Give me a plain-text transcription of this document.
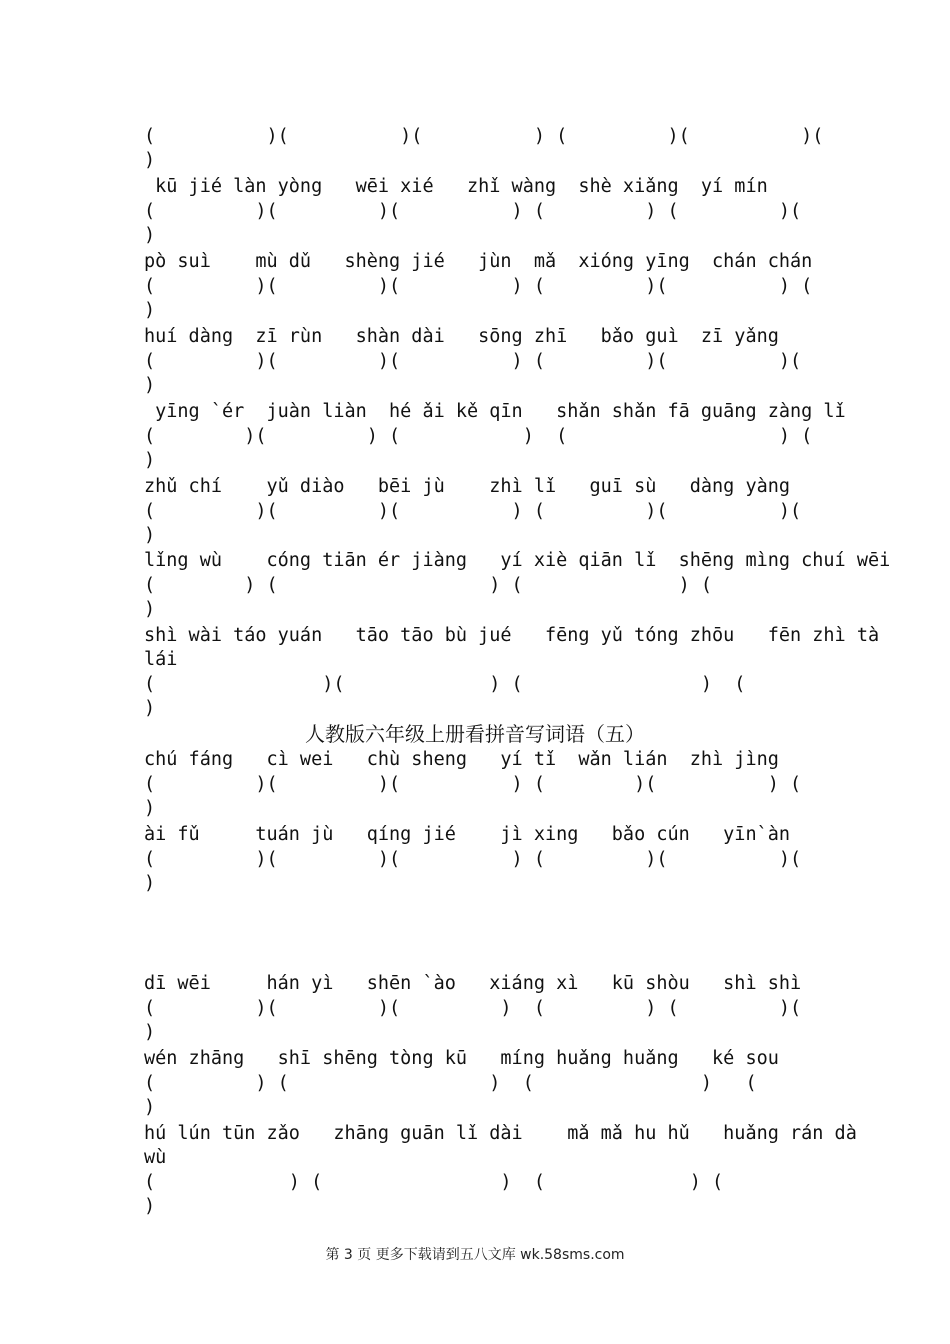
(          )(          )(          ) (         )(          )(
)
kū jié làn yòng   wēi xié   zhǐ wàng  shè xiǎng  yí mín
(         )(         )(          ) (         ) (         )(
)
pò suì    mù dǔ   shèng jié   jùn  mǎ  xióng yīng  chán chán
(         )(         )(          ) (         )(          ) (
)
huí dàng  zī rùn   shàn dài   sōng zhī   bǎo guì  zī yǎng
(         )(         )(          ) (         )(          )(
)
yīng `ér  juàn liàn  hé ǎi kě qīn   shǎn shǎn fā guāng zàng lǐ
(        )(         ) (           )  (                   ) (
)
zhǔ chí    yǔ diào   bēi jù    zhì lǐ   guī sù   dàng yàng
(         )(         )(          ) (         )(          )(
)
lǐng wù    cóng tiān ér jiàng   yí xiè qiān lǐ  shēng mìng chuí wēi
(        ) (                   ) (              ) (
)
shì wài táo yuán   tāo tāo bù jué   fēng yǔ tóng zhōu   fēn zhì tà
lái
(               )(             ) (                )  (
)
人教版六年级上册看拼音写词语（五）
chú fáng   cì wei   chù sheng   yí tǐ  wǎn lián  zhì jìng
(         )(         )(          ) (        )(          ) (
)
ài fǔ     tuán jù   qíng jié    jì xing   bǎo cún   yīn`àn
(         )(         )(          ) (         )(          )(
)
dī wēi     hán yì   shēn `ào   xiáng xì   kū shòu   shì shì
(         )(         )(         )  (         ) (         )(
)
wén zhāng   shī shēng tòng kū   míng huǎng huǎng   ké sou
(         ) (                  )  (               )   (
)
hú lún tūn zǎo   zhāng guān lǐ dài    mǎ mǎ hu hǔ   huǎng rán dà
wù
(            ) (                )  (             ) (
)
第 3 页 更多下载请到五八文库 wk.58sms.com
